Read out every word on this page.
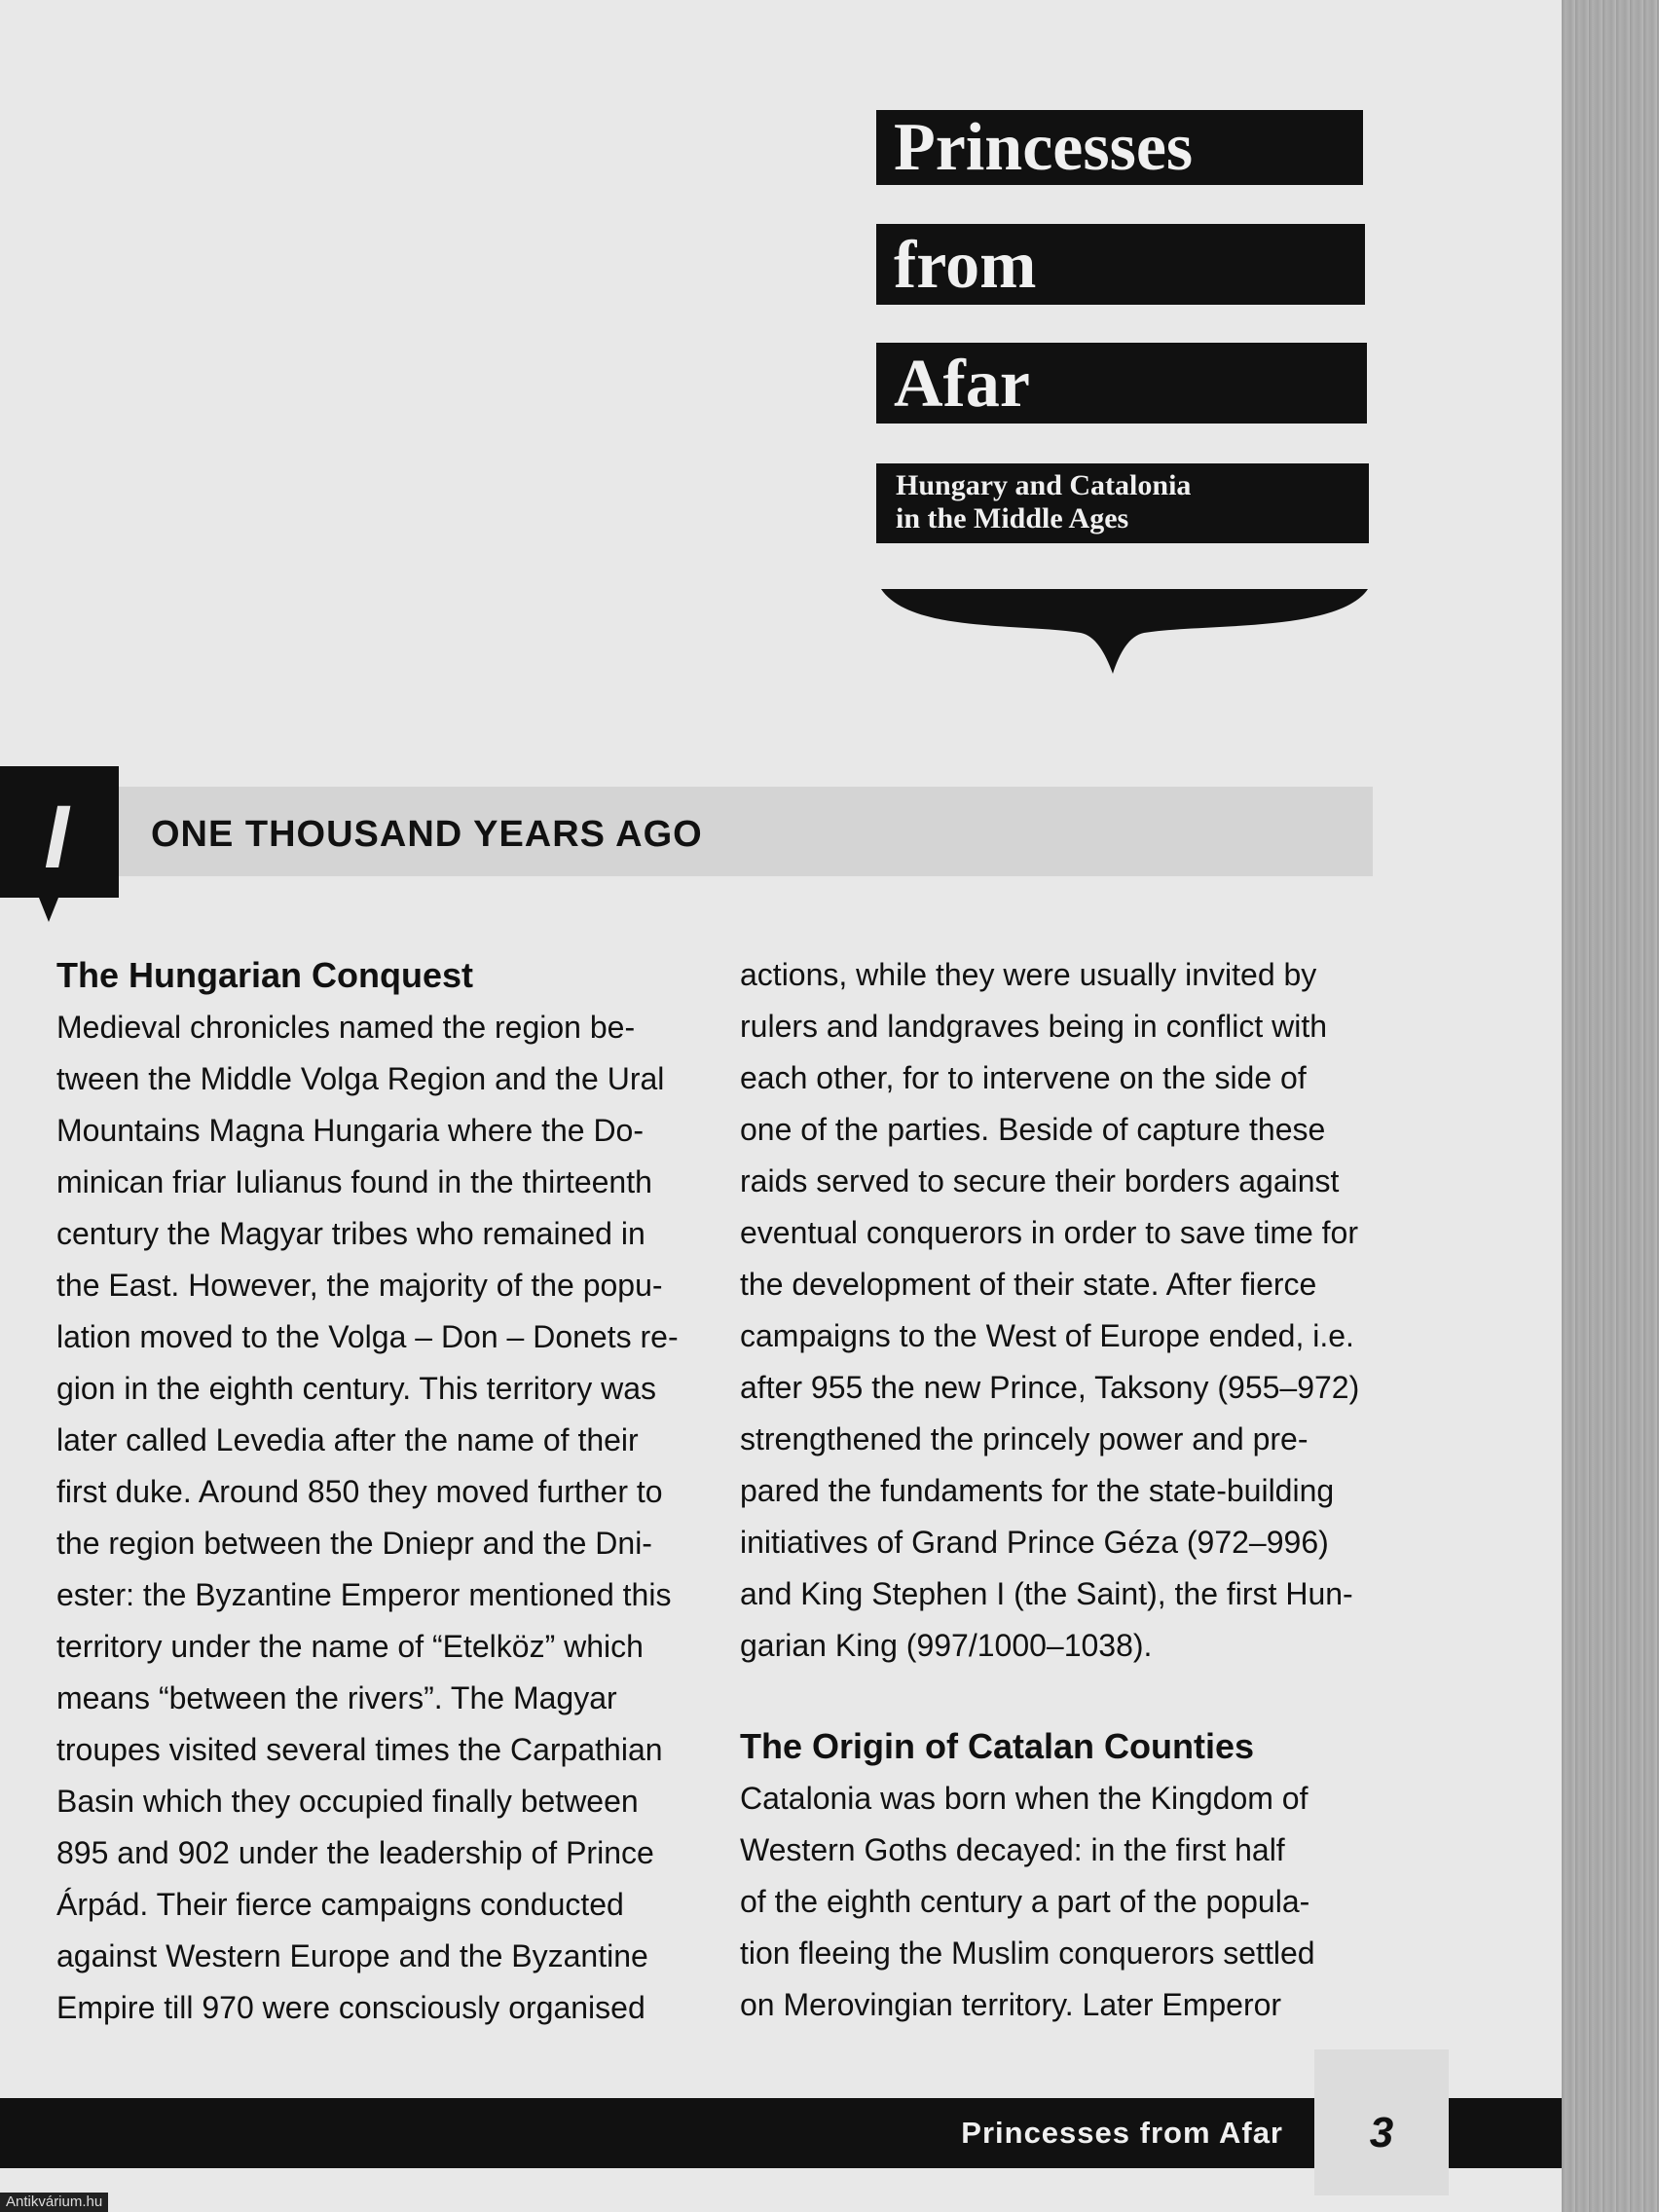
Princesses
from
Afar
Hungary and Catalonia
in the Middle Ages
I	ONE THOUSAND YEARS AGO
The Hungarian Conquest
Medieval chronicles named the region be-
tween the Middle Volga Region and the Ural
Mountains Magna Hungaria where the Do-
minican friar Iulianus found in the thirteenth
century the Magyar tribes who remained in
the East. However, the majority of the popu-
lation moved to the Volga – Don – Donets re-
gion in the eighth century. This territory was
later called Levedia after the name of their
first duke. Around 850 they moved further to
the region between the Dniepr and the Dni-
ester: the Byzantine Emperor mentioned this
territory under the name of “Etelköz” which
means “between the rivers”. The Magyar
troupes visited several times the Carpathian
Basin which they occupied finally between
895 and 902 under the leadership of Prince
Árpád. Their fierce campaigns conducted
against Western Europe and the Byzantine
Empire till 970 were consciously organised
actions, while they were usually invited by
rulers and landgraves being in conflict with
each other, for to intervene on the side of
one of the parties. Beside of capture these
raids served to secure their borders against
eventual conquerors in order to save time for
the development of their state. After fierce
campaigns to the West of Europe ended, i.e.
after 955 the new Prince, Taksony (955–972)
strengthened the princely power and pre-
pared the fundaments for the state-building
initiatives of Grand Prince Géza (972–996)
and King Stephen I (the Saint), the first Hun-
garian King (997/1000–1038).
The Origin of Catalan Counties
Catalonia was born when the Kingdom of
Western Goths decayed: in the first half
of the eighth century a part of the popula-
tion fleeing the Muslim conquerors settled
on Merovingian territory. Later Emperor
Princesses from Afar	3
Antikvárium.hu
